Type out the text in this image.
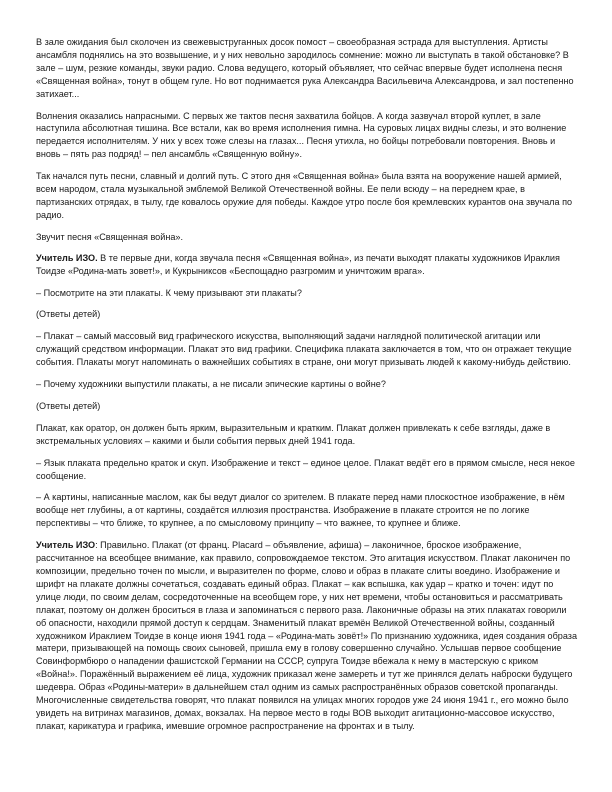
В зале ожидания был сколочен из свежевыструганных досок помост – своеобразная эстрада для выступления. Артисты ансамбля поднялись на это возвышение, и у них невольно зародилось сомнение: можно ли выступать в такой обстановке? В зале – шум, резкие команды, звуки радио. Слова ведущего, который объявляет, что сейчас впервые будет исполнена песня «Священная война», тонут в общем гуле. Но вот поднимается рука Александра Васильевича Александрова, и зал постепенно затихает...

Волнения оказались напрасными. С первых же тактов песня захватила бойцов. А когда зазвучал второй куплет, в зале наступила абсолютная тишина. Все встали, как во время исполнения гимна. На суровых лицах видны слезы, и это волнение передается исполнителям. У них у всех тоже слезы на глазах... Песня утихла, но бойцы потребовали повторения. Вновь и вновь – пять раз подряд! – пел ансамбль «Священную войну».

Так начался путь песни, славный и долгий путь. С этого дня «Священная война» была взята на вооружение нашей армией, всем народом, стала музыкальной эмблемой Великой Отечественной войны. Ее пели всюду – на переднем крае, в партизанских отрядах, в тылу, где ковалось оружие для победы. Каждое утро после боя кремлевских курантов она звучала по радио.

Звучит песня «Священная война».

Учитель ИЗО. В те первые дни, когда звучала песня «Священная война», из печати выходят плакаты художников Ираклия Тоидзе «Родина-мать зовет!», и Кукрыниксов «Беспощадно разгромим и уничтожим врага».

– Посмотрите на эти плакаты. К чему призывают эти плакаты?

(Ответы детей)

– Плакат – самый массовый вид графического искусства, выполняющий задачи наглядной политической агитации или служащий средством информации. Плакат это вид графики. Специфика плаката заключается в том, что он отражает текущие события. Плакаты могут напоминать о важнейших событиях в стране, они могут призывать людей к какому-нибудь действию.

– Почему художники выпустили плакаты, а не писали эпические картины о войне?

(Ответы детей)

Плакат, как оратор, он должен быть ярким, выразительным и кратким. Плакат должен привлекать к себе взгляды, даже в экстремальных условиях – какими и были события первых дней 1941 года.

– Язык плаката предельно краток и скуп. Изображение и текст – единое целое. Плакат ведёт его в прямом смысле, неся некое сообщение.

– А картины, написанные маслом, как бы ведут диалог со зрителем. В плакате перед нами плоскостное изображение, в нём вообще нет глубины, а от картины, создаётся иллюзия пространства. Изображение в плакате строится не по логике перспективы – что ближе, то крупнее, а по смысловому принципу – что важнее, то крупнее и ближе.

Учитель ИЗО: Правильно. Плакат (от франц. Placard – объявление, афиша) – лаконичное, броское изображение, рассчитанное на всеобщее внимание, как правило, сопровождаемое текстом. Это агитация искусством. Плакат лаконичен по композиции, предельно точен по мысли, и выразителен по форме, слово и образ в плакате слиты воедино. Изображение и шрифт на плакате должны сочетаться, создавать единый образ. Плакат – как вспышка, как удар – кратко и точен: идут по улице люди, по своим делам, сосредоточенные на всеобщем горе, у них нет времени, чтобы остановиться и рассматривать плакат, поэтому он должен броситься в глаза и запоминаться с первого раза. Лаконичные образы на этих плакатах говорили об опасности, находили прямой доступ к сердцам. Знаменитый плакат времён Великой Отечественной войны, созданный художником Ираклием Тоидзе в конце июня 1941 года – «Родина-мать зовёт!» По признанию художника, идея создания образа матери, призывающей на помощь своих сыновей, пришла ему в голову совершенно случайно. Услышав первое сообщение Совинформбюро о нападении фашистской Германии на СССР, супруга Тоидзе вбежала к нему в мастерскую с криком «Война!». Поражённый выражением её лица, художник приказал жене замереть и тут же принялся делать наброски будущего шедевра. Образ «Родины-матери» в дальнейшем стал одним из самых распространённых образов советской пропаганды. Многочисленные свидетельства говорят, что плакат появился на улицах многих городов уже 24 июня 1941 г., его можно было увидеть на витринах магазинов, домах, вокзалах. На первое место в годы ВОВ выходит агитационно-массовое искусство, плакат, карикатура и графика, имевшие огромное распространение на фронтах и в тылу.
